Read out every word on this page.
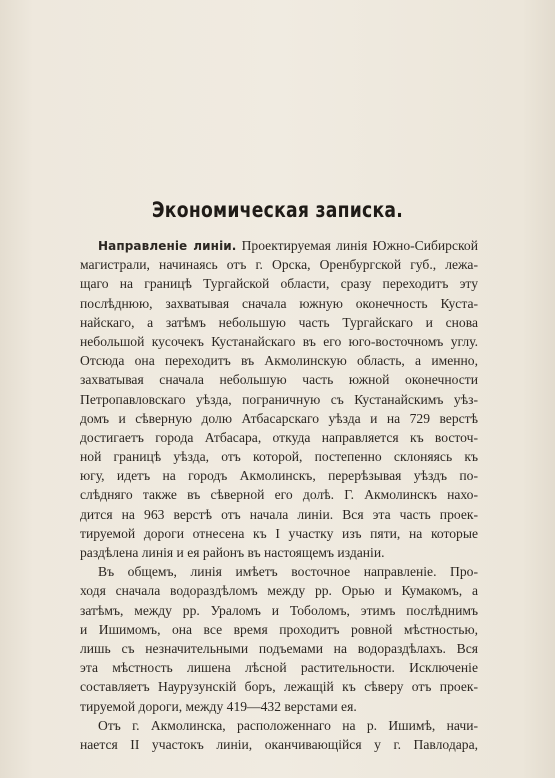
Экономическая записка.
Направленіе линіи. Проектируемая линія Южно-Сибирской
магистрали, начинаясь отъ г. Орска, Оренбургской губ., лежа-
щаго на границѣ Тургайской области, сразу переходитъ эту
послѣднюю, захватывая сначала южную оконечность Куста-
найскаго, а затѣмъ небольшую часть Тургайскаго и снова
небольшой кусочекъ Кустанайскаго въ его юго-восточномъ углу.
Отсюда она переходитъ въ Акмолинскую область, а именно,
захватывая сначала небольшую часть южной оконечности
Петропавловскаго уѣзда, пограничную съ Кустанайскимъ уѣз-
домъ и сѣверную долю Атбасарскаго уѣзда и на 729 верстѣ
достигаетъ города Атбасара, откуда направляется къ восточ-
ной границѣ уѣзда, отъ которой, постепенно склоняясь къ
югу, идетъ на городъ Акмолинскъ, перерѣзывая уѣздъ по-
слѣдняго также въ сѣверной его долѣ. Г. Акмолинскъ нахо-
дится на 963 верстѣ отъ начала линіи. Вся эта часть проек-
тируемой дороги отнесена къ I участку изъ пяти, на которые
раздѣлена линія и ея районъ въ настоящемъ изданіи.
Въ общемъ, линія имѣетъ восточное направленіе. Про-
ходя сначала водораздѣломъ между рр. Орью и Кумакомъ, а
затѣмъ, между рр. Ураломъ и Toболомъ, этимъ послѣднимъ
и Ишимомъ, она все время проходитъ ровной мѣстностью,
лишь съ незначительными подъемами на водораздѣлахъ. Вся
эта мѣстность лишена лѣсной растительности. Исключеніе
составляетъ Наурузунскій боръ, лежащій къ сѣверу отъ проек-
тируемой дороги, между 419—432 верстами ея.
Отъ г. Акмолинска, расположеннаго на р. Ишимѣ, начи-
нается II участокъ линіи, оканчивающійся у г. Павлодара,
